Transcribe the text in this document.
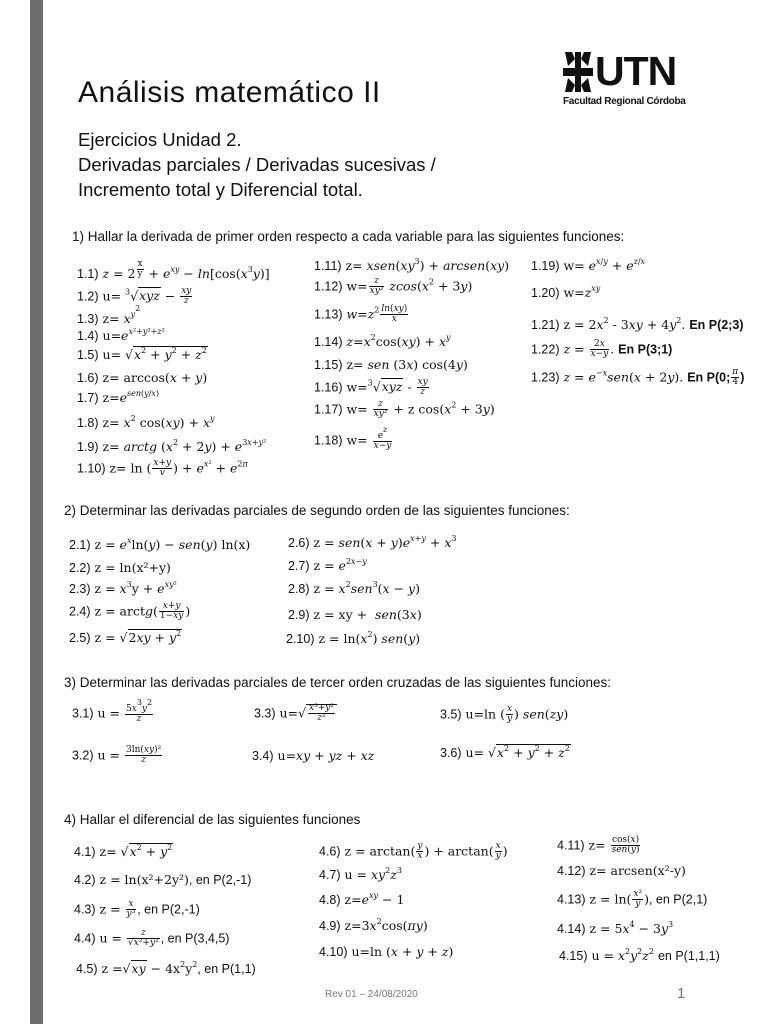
Análisis matemático II
Ejercicios Unidad 2.
Derivadas parciales / Derivadas sucesivas /
Incremento total y Diferencial total.
UTN
Facultad Regional Córdoba
1) Hallar la derivada de primer orden respecto a cada variable para las siguientes funciones:
1.1) z = 2 $^{\frac{x}{y}} + e^{xy} - \ln[\cos(x^3y)]$
1.2) $u= ^3√xyz - \frac{xy}{z}$
1.3) $z= x^{y^2}$
1.4) $u=e^{x^2+y^2+z^2}$
1.5) $u= √x^2 + y^2 + z^2$
1.6) z= arccos(x + y)
1.7) $z=e^{sen(y/x)}$
1.8) $z= x^2$ $\cos(xy) + x^y$
1.9) z= arctg $(x^2 + 2y) + e^{3x+y^2}$
1.10) z= ln ( $\frac{x+y}{v}$ ) + $e^{x^2} + e^{2\pi}$
1.11) $z= xsen(xy^3)$ + arcsen(xy)
1.12) $w= \frac{z}{\text{xy²}} zcos(x^2 + 3y)$
1.13) $w=z^2 \frac{\ln(xy)}{x}$
1.14) $z=x^2\cos(xy) + x^y$
1.15) z= sen (3x) cos(4y)
1.16) $w=^3√xyz - \frac{xy}{z}$
1.17) $w= \frac{z}{\text{xy²}} + z$ $\cos(x^2 + 3y)$
1.18) $w= \frac{e^z}{x-y}$
1.19) $w= e^{x/y} + e^{z/x}$
1.20) $w=z^{xy}$
1.21) $z = 2x^2 - 3xy + 4y^2$. En P(2;3)
1.22) $z = \frac{2x}{x-y}$ . En P(3;1)
1.23) $z = e^{-x}sen(x + 2y)$. En P(0; $\frac{\pi}{4}$ )
2) Determinar las derivadas parciales de segundo orden de las siguientes funciones:
2.1) $z = e^x\ln(y) - sen(y)$ ln(x)
2.2) z = ln(x²+y)
2.3) $z = x^3y + e^{xy^2}$
2.4) z = arctg( $\frac{x+y}{1-xy}$ )
2.5) $z = √2xy + y^2$
2.6) $z = sen(x + y)e^{x+y} + x^3$
2.7) $z = e^{2x-y}$
2.8) $z = x^2sen^3(x - y)$
2.9) z = xy +  sen(3x)
2.10) $z = \ln(x^2)$ sen(y)
3) Determinar las derivadas parciales de tercer orden cruzadas de las siguientes funciones:
3.1) $u = \frac{5x^3y^2}{z}$
3.2) $u = \frac{\text{3ln(xy)²}}{z}$
3.3) $u=√ \frac{\text{x³+y²}}{\text{z²}}$
3.4) u=xy + yz + xz
3.5) u=ln ( $\frac{x}{y}$ ) sen(zy)
3.6) $u= √x^2 + y^2 + z^2$
4) Hallar el diferencial de las siguientes funciones
4.1) $z= √x^2 + y^2$
4.2) z = ln(x²+2y²), en P(2,-1)
4.3) $z = \frac{x}{\text{y³}}$ , en P(2,-1)
4.4) $u = \frac{z}{\text{√x²+y²}}$ , en P(3,4,5)
4.5) $z =√xy - 4x^2y^2$, en P(1,1)
4.6) $z = \arctan( \frac{y}{x}$ ) + $\arctan( \frac{x}{y}$ )
4.7) $u = xy^2z^3$
4.8) $z=e^{xy} - 1$
4.9) $z=3x^2\cos(\pi y)$
4.10) u=ln (x + y + z)
4.11) z= cos(x)
sen(y)
4.12) z= arcsen(x²-y)
4.13) $z = \ln( \frac{\text{x²}}{y}$ ), en P(2,1)
4.14) $z = 5x^4 - 3y^3$
4.15) $u = x^2y^2z^2$ en P(1,1,1)
Rev 01 – 24/08/2020	1
